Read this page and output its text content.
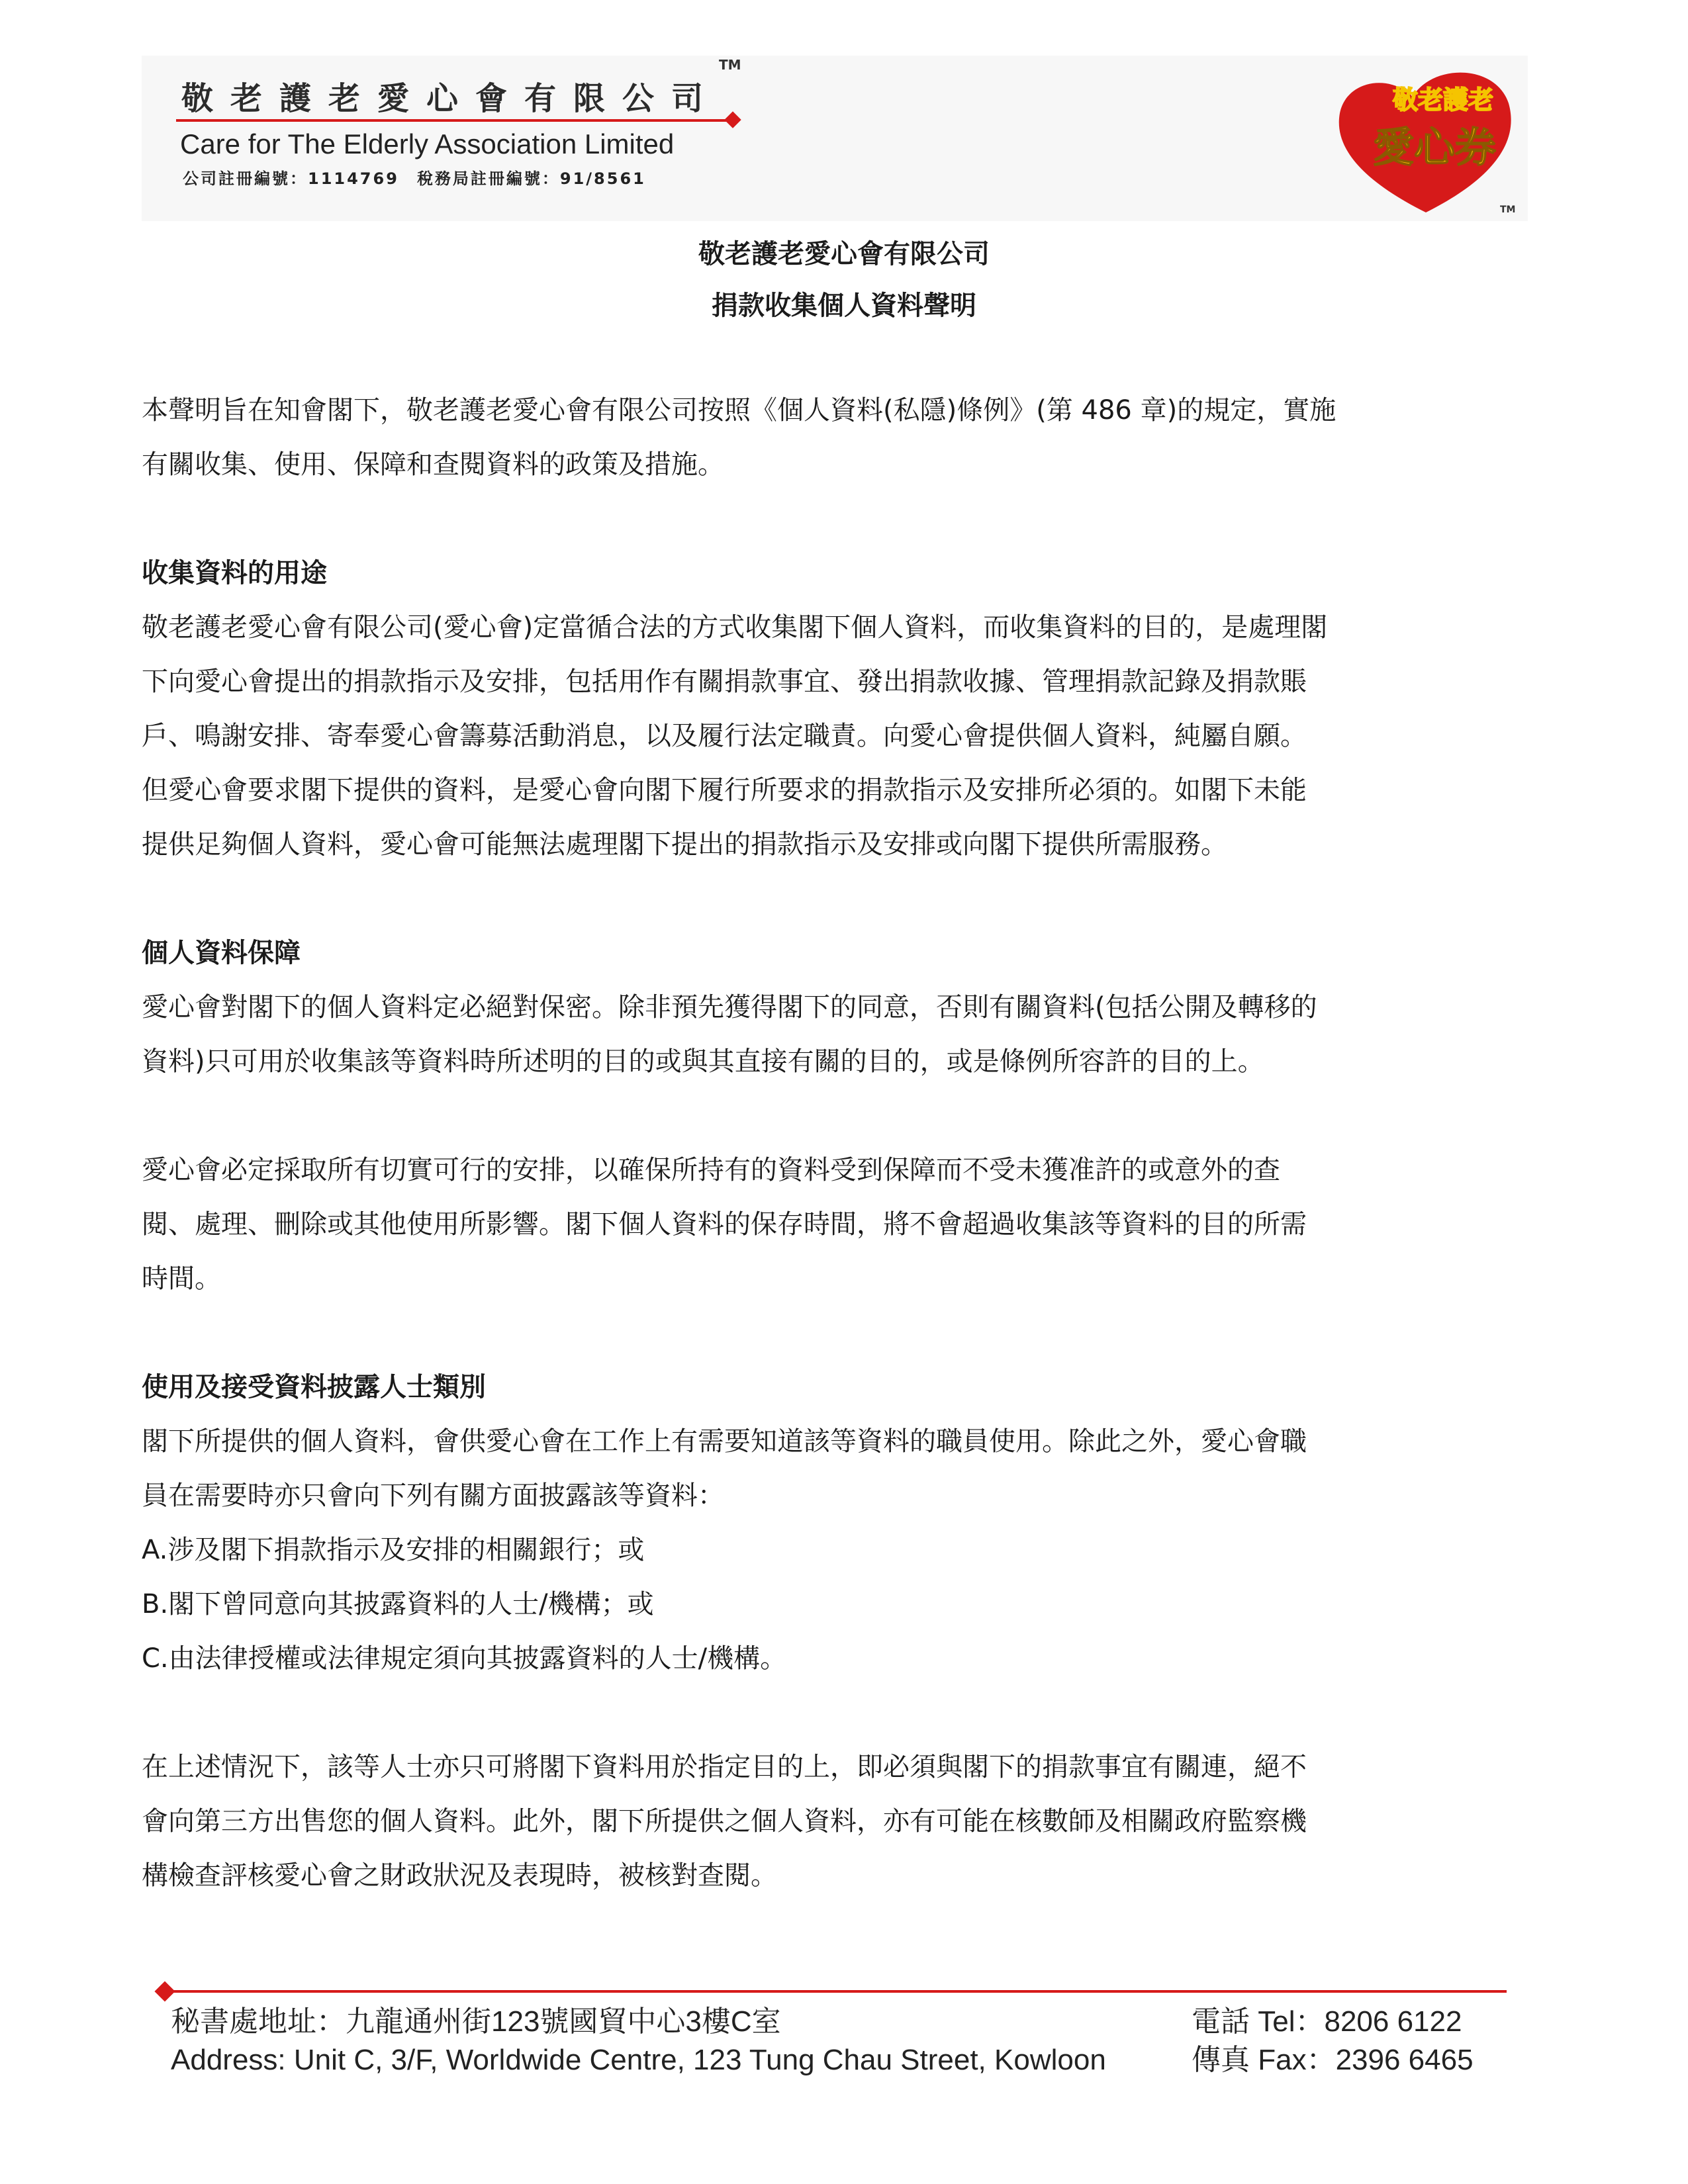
敬老護老愛心會有限公司
TM
Care for The Elderly Association Limited
公司註冊編號：1114769　稅務局註冊編號：91/8561
敬老護老
愛心券
TM
敬老護老愛心會有限公司
捐款收集個人資料聲明

本聲明旨在知會閣下，敬老護老愛心會有限公司按照《個人資料(私隱)條例》(第 486 章)的規定，實施

有關收集、使用、保障和查閱資料的政策及措施。

收集資料的用途

敬老護老愛心會有限公司(愛心會)定當循合法的方式收集閣下個人資料，而收集資料的目的，是處理閣

下向愛心會提出的捐款指示及安排，包括用作有關捐款事宜、發出捐款收據、管理捐款記錄及捐款賬

戶、鳴謝安排、寄奉愛心會籌募活動消息，以及履行法定職責。向愛心會提供個人資料，純屬自願。

但愛心會要求閣下提供的資料，是愛心會向閣下履行所要求的捐款指示及安排所必須的。如閣下未能

提供足夠個人資料，愛心會可能無法處理閣下提出的捐款指示及安排或向閣下提供所需服務。

個人資料保障

愛心會對閣下的個人資料定必絕對保密。除非預先獲得閣下的同意，否則有關資料(包括公開及轉移的

資料)只可用於收集該等資料時所述明的目的或與其直接有關的目的，或是條例所容許的目的上。

愛心會必定採取所有切實可行的安排，以確保所持有的資料受到保障而不受未獲准許的或意外的查

閱、處理、刪除或其他使用所影響。閣下個人資料的保存時間，將不會超過收集該等資料的目的所需

時間。

使用及接受資料披露人士類別

閣下所提供的個人資料，會供愛心會在工作上有需要知道該等資料的職員使用。除此之外，愛心會職

員在需要時亦只會向下列有關方面披露該等資料：

A.涉及閣下捐款指示及安排的相關銀行；或

B.閣下曾同意向其披露資料的人士/機構；或

C.由法律授權或法律規定須向其披露資料的人士/機構。

在上述情況下，該等人士亦只可將閣下資料用於指定目的上，即必須與閣下的捐款事宜有關連，絕不

會向第三方出售您的個人資料。此外，閣下所提供之個人資料，亦有可能在核數師及相關政府監察機

構檢查評核愛心會之財政狀況及表現時，被核對查閱。

秘書處地址：九龍通州街123號國貿中心3樓C室
Address: Unit C, 3/F, Worldwide Centre, 123 Tung Chau Street, Kowloon
電話 Tel：8206 6122
傳真 Fax：2396 6465
